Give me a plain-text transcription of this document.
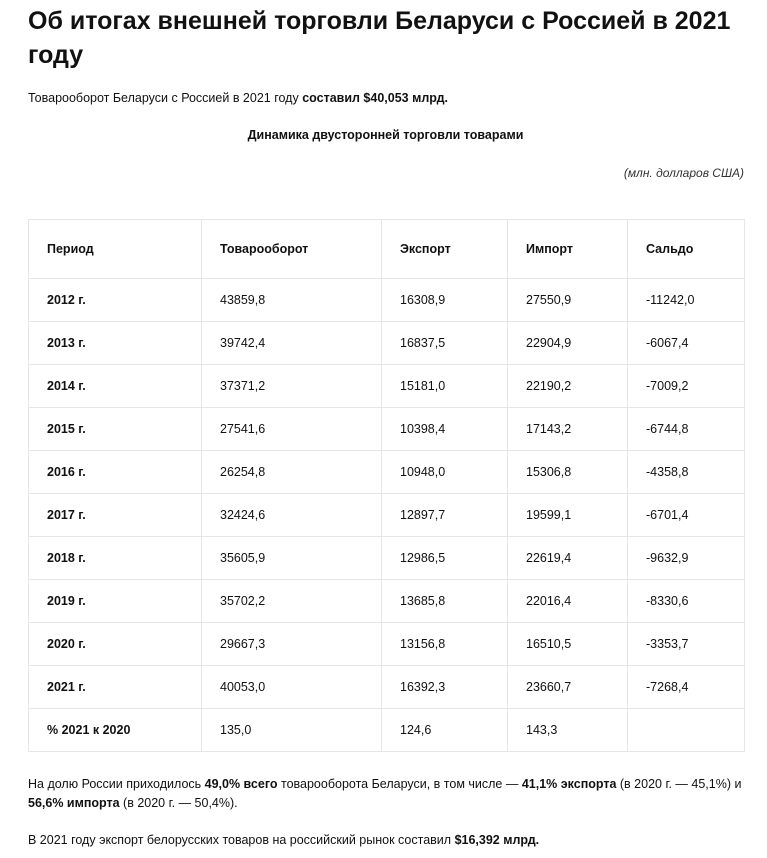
Об итогах внешней торговли Беларуси с Россией в 2021 году
Товарооборот Беларуси с Россией в 2021 году составил $40,053 млрд.
Динамика двусторонней торговли товарами
(млн. долларов США)
Период	Товарооборот	Экспорт	Импорт	Сальдо
2012 г.	43859,8	16308,9	27550,9	-11242,0
2013 г.	39742,4	16837,5	22904,9	-6067,4
2014 г.	37371,2	15181,0	22190,2	-7009,2
2015 г.	27541,6	10398,4	17143,2	-6744,8
2016 г.	26254,8	10948,0	15306,8	-4358,8
2017 г.	32424,6	12897,7	19599,1	-6701,4
2018 г.	35605,9	12986,5	22619,4	-9632,9
2019 г.	35702,2	13685,8	22016,4	-8330,6
2020 г.	29667,3	13156,8	16510,5	-3353,7
2021 г.	40053,0	16392,3	23660,7	-7268,4
% 2021 к 2020	135,0	124,6	143,3	
На долю России приходилось 49,0% всего товарооборота Беларуси, в том числе — 41,1% экспорта (в 2020 г. — 45,1%) и 56,6% импорта (в 2020 г. — 50,4%).
В 2021 году экспорт белорусских товаров на российский рынок составил $16,392 млрд.
